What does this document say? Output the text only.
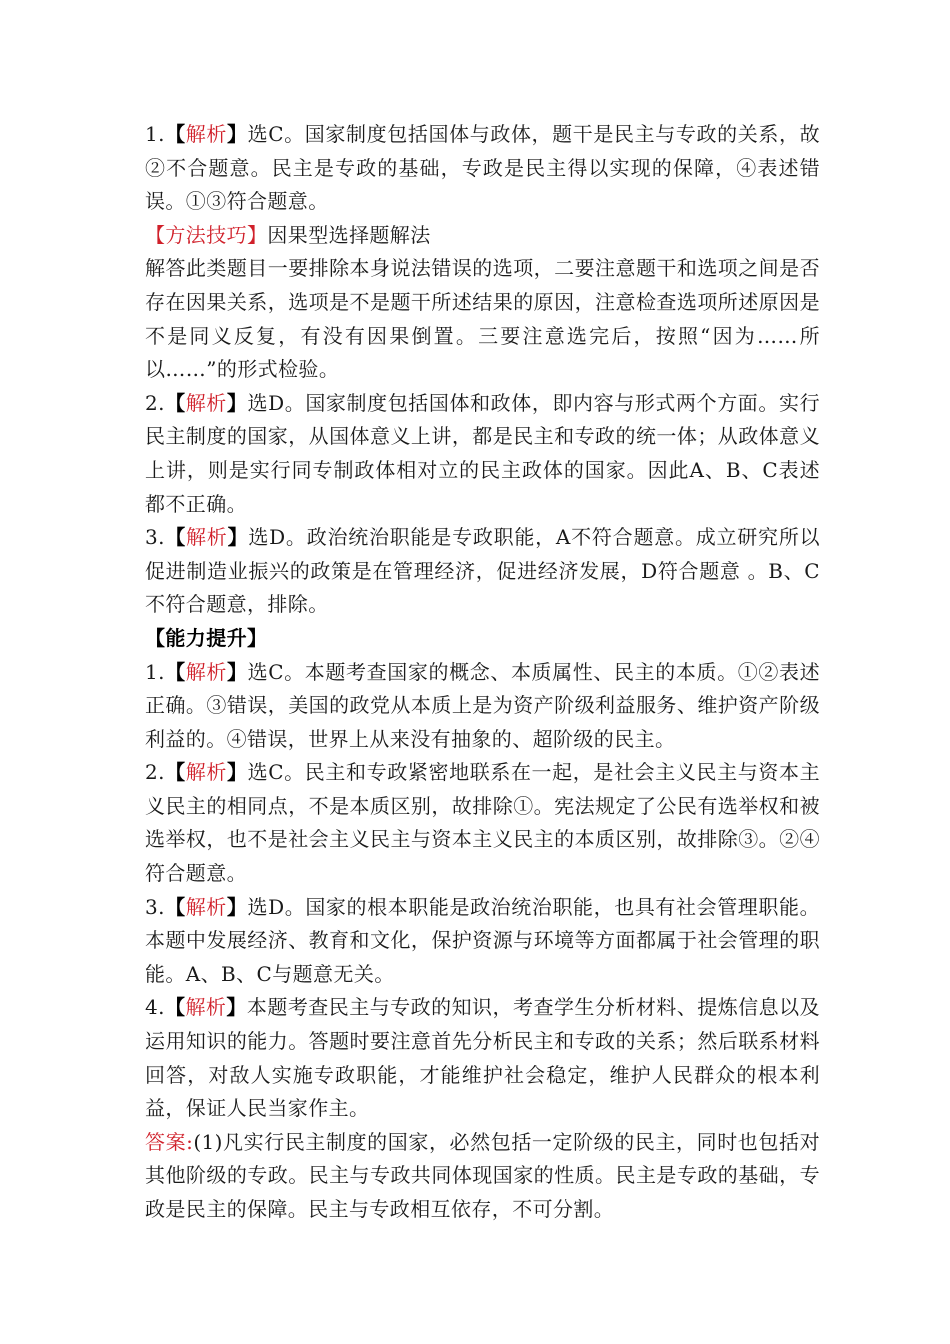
1.【解析】选C。国家制度包括国体与政体，题干是民主与专政的关系，故②不合题意。民主是专政的基础，专政是民主得以实现的保障，④表述错误。①③符合题意。

【方法技巧】因果型选择题解法

解答此类题目一要排除本身说法错误的选项，二要注意题干和选项之间是否存在因果关系，选项是不是题干所述结果的原因，注意检查选项所述原因是不是同义反复，有没有因果倒置。三要注意选完后，按照“因为……所以……”的形式检验。

2.【解析】选D。国家制度包括国体和政体，即内容与形式两个方面。实行民主制度的国家，从国体意义上讲，都是民主和专政的统一体；从政体意义上讲，则是实行同专制政体相对立的民主政体的国家。因此A、B、C表述都不正确。

3.【解析】选D。政治统治职能是专政职能，A不符合题意。成立研究所以促进制造业振兴的政策是在管理经济，促进经济发展，D符合题意 。B、C不符合题意，排除。

【能力提升】

1.【解析】选C。本题考查国家的概念、本质属性、民主的本质。①②表述正确。③错误，美国的政党从本质上是为资产阶级利益服务、维护资产阶级利益的。④错误，世界上从来没有抽象的、超阶级的民主。

2.【解析】选C。民主和专政紧密地联系在一起，是社会主义民主与资本主义民主的相同点，不是本质区别，故排除①。宪法规定了公民有选举权和被选举权，也不是社会主义民主与资本主义民主的本质区别，故排除③。②④符合题意。

3.【解析】选D。国家的根本职能是政治统治职能，也具有社会管理职能。本题中发展经济、教育和文化，保护资源与环境等方面都属于社会管理的职能。A、B、C与题意无关。

4.【解析】本题考查民主与专政的知识，考查学生分析材料、提炼信息以及运用知识的能力。答题时要注意首先分析民主和专政的关系；然后联系材料回答，对敌人实施专政职能，才能维护社会稳定，维护人民群众的根本利益，保证人民当家作主。

答案:(1)凡实行民主制度的国家，必然包括一定阶级的民主，同时也包括对其他阶级的专政。民主与专政共同体现国家的性质。民主是专政的基础，专政是民主的保障。民主与专政相互依存，不可分割。
